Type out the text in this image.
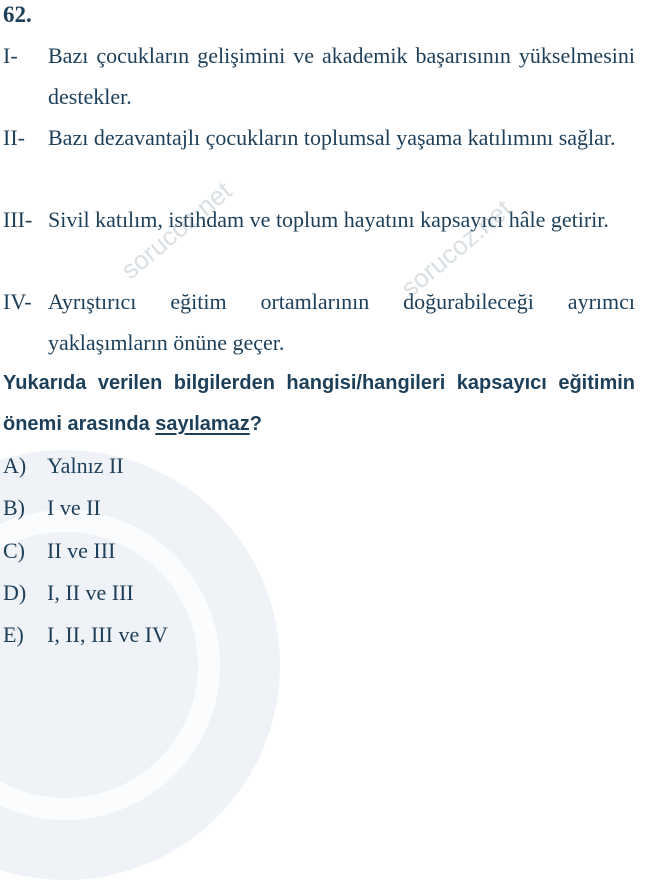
62.
I- Bazı çocukların gelişimini ve akademik başarısının yükselmesini destekler.
II- Bazı dezavantajlı çocukların toplumsal yaşama katılımını sağlar.
III- Sivil katılım, istihdam ve toplum hayatını kapsayıcı hâle getirir.
IV- Ayrıştırıcı eğitim ortamlarının doğurabileceği ayrımcı yaklaşımların önüne geçer.
Yukarıda verilen bilgilerden hangisi/hangileri kapsayıcı eğitimin önemi arasında sayılamaz?
A) Yalnız II
B) I ve II
C) II ve III
D) I, II ve III
E) I, II, III ve IV
sorucoz.net	sorucoz.net
